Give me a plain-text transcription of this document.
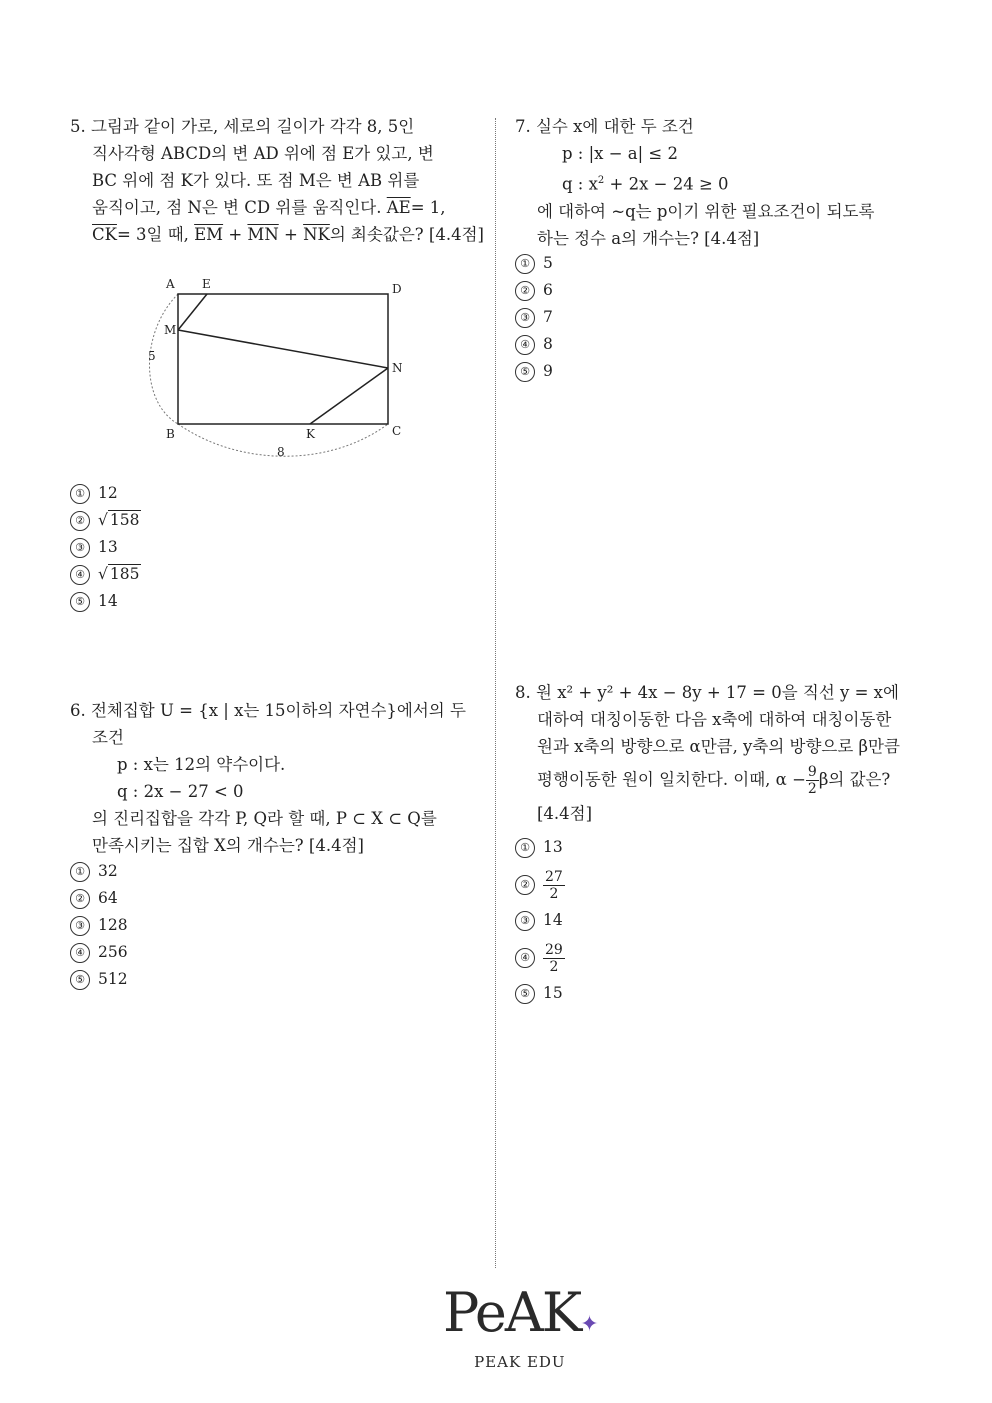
5. 그림과 같이 가로, 세로의 길이가 각각 8, 5인
직사각형 ABCD의 변 AD 위에 점 E가 있고, 변
BC 위에 점 K가 있다. 또 점 M은 변 AB 위를
움직이고, 점 N은 변 CD 위를 움직인다. $\overline{AE}= 1$,
$\overline{CK}= 3$일 때, $\overline{EM} + \overline{MN} + \overline{NK}$의 최솟값은? [4.4점]
A E	D
M
N
B	K	C
5
8
① 12
② √ 158
③ 13
④ √ 185
⑤ 14
6. 전체집합 U = {x | x는 15이하의 자연수}에서의 두
조건
p : x는 12의 약수이다.
q : 2x − 27 < 0
의 진리집합을 각각 P, Q라 할 때, P ⊂ X ⊂ Q를
만족시키는 집합 X의 개수는? [4.4점]
① 32
② 64
③ 128
④ 256
⑤ 512
7. 실수 x에 대한 두 조건
p : |x − a| ≤ 2
q : $x^2 + 2x - 24 \ge 0$
에 대하여 ~q는 p이기 위한 필요조건이 되도록
하는 정수 a의 개수는? [4.4점]
① 5
② 6
③ 7
④ 8
⑤ 9
8. 원 x² + y² + 4x − 8y + 17 = 0을 직선 y = x에
대하여 대칭이동한 다음 x축에 대하여 대칭이동한
원과 x축의 방향으로 α만큼, y축의 방향으로 β만큼
평행이동한 원이 일치한다. 이때, $\alpha - \frac{9}{2}$ β의 값은?
[4.4점]
① 13
② $\frac{27}{2}$
③ 14
④ $\frac{29}{2}$
⑤ 15
PeAK✦
PEAK EDU
